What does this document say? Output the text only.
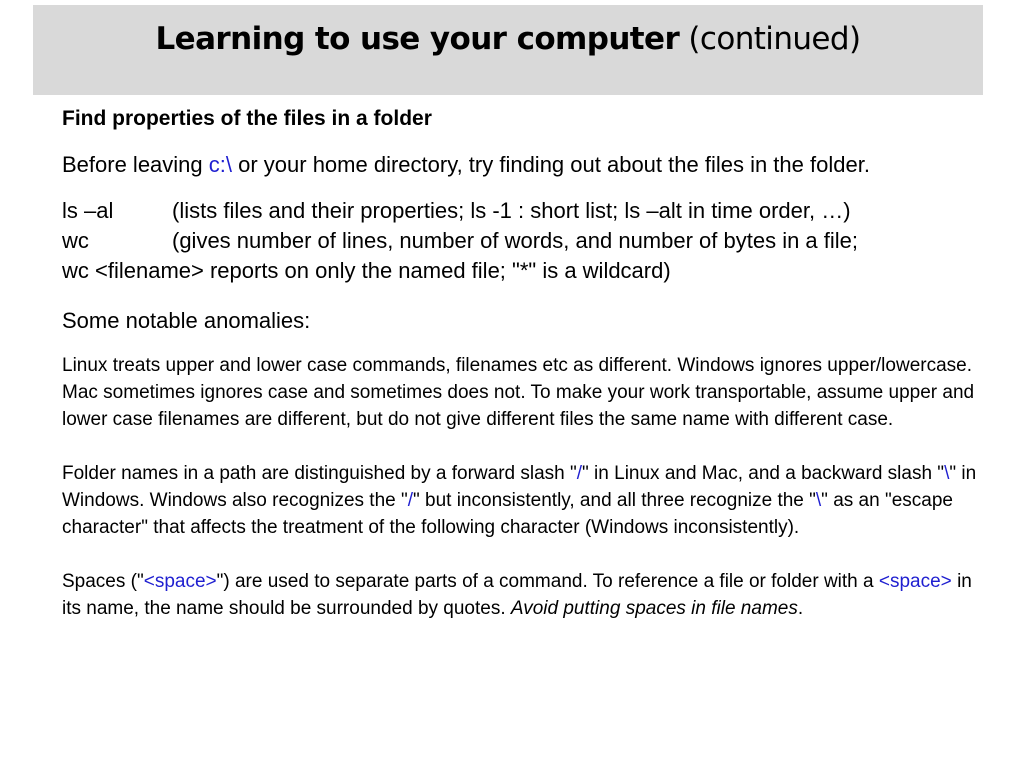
Learning to use your computer (continued)

Find properties of the files in a folder

Before leaving c:\ or your home directory, try finding out about the files in the folder.

ls –al	(lists files and their properties; ls -1 : short list; ls –alt in time order, …)
wc	(gives number of lines, number of words, and number of bytes in a file;
wc <filename> reports on only the named file; "*" is a wildcard)

Some notable anomalies:

Linux treats upper and lower case commands, filenames etc as different. Windows ignores upper/lowercase. Mac sometimes ignores case and sometimes does not. To make your work transportable, assume upper and lower case filenames are different, but do not give different files the same name with different case.

Folder names in a path are distinguished by a forward slash "/" in Linux and Mac, and a backward slash "\" in Windows. Windows also recognizes the "/" but inconsistently, and all three recognize the "\" as an "escape character" that affects the treatment of the following character (Windows inconsistently).

Spaces ("<space>") are used to separate parts of a command. To reference a file or folder with a <space> in its name, the name should be surrounded by quotes. Avoid putting spaces in file names.
